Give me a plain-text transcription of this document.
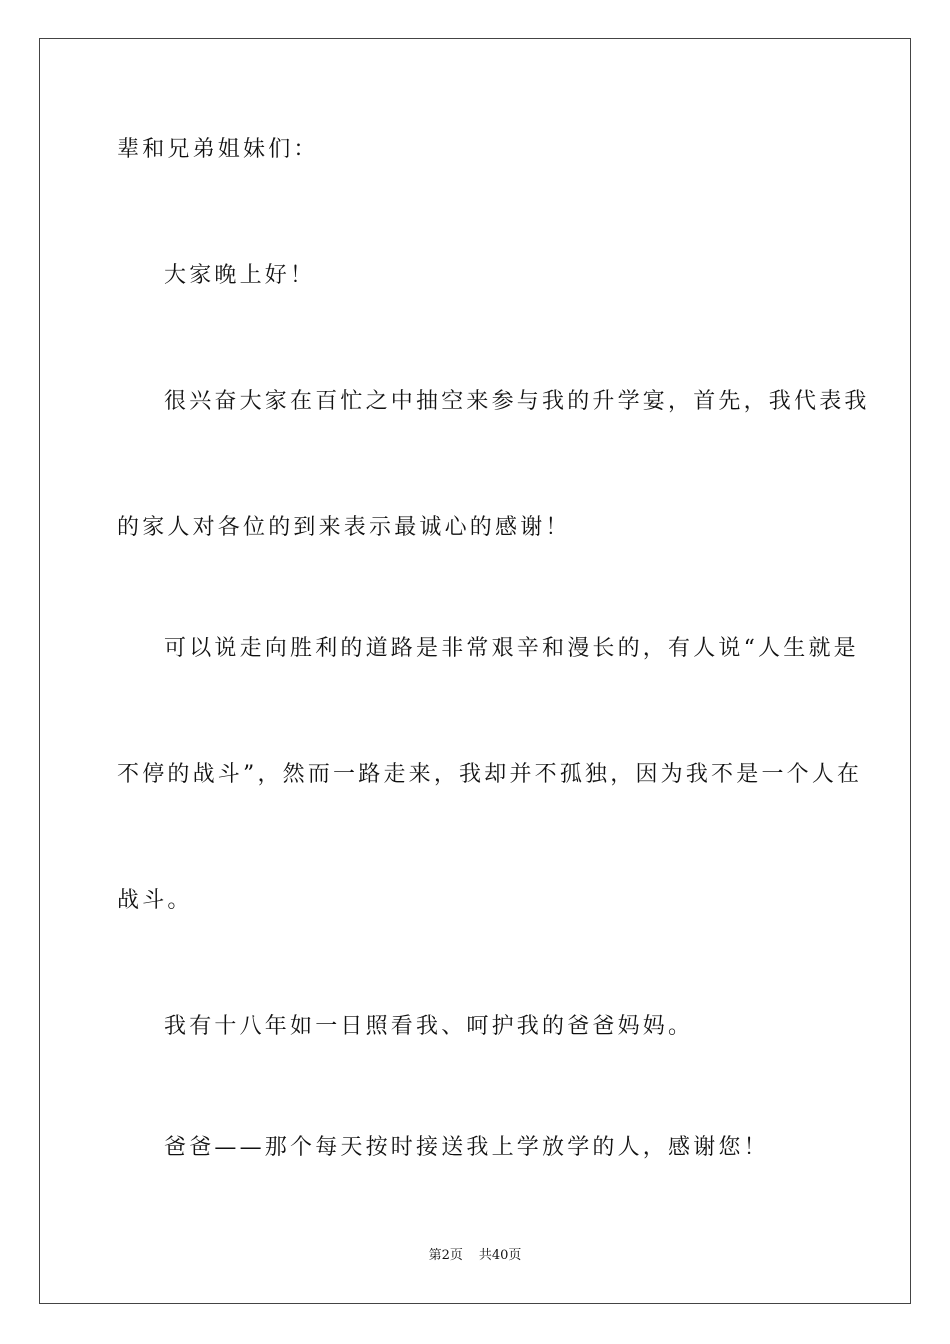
辈和兄弟姐妹们：
大家晚上好！
很兴奋大家在百忙之中抽空来参与我的升学宴，首先，我代表我
的家人对各位的到来表示最诚心的感谢！
可以说走向胜利的道路是非常艰辛和漫长的，有人说“人生就是
不停的战斗”，然而一路走来，我却并不孤独，因为我不是一个人在
战斗。
我有十八年如一日照看我、呵护我的爸爸妈妈。
爸爸——那个每天按时接送我上学放学的人，感谢您！
第2页 共40页
